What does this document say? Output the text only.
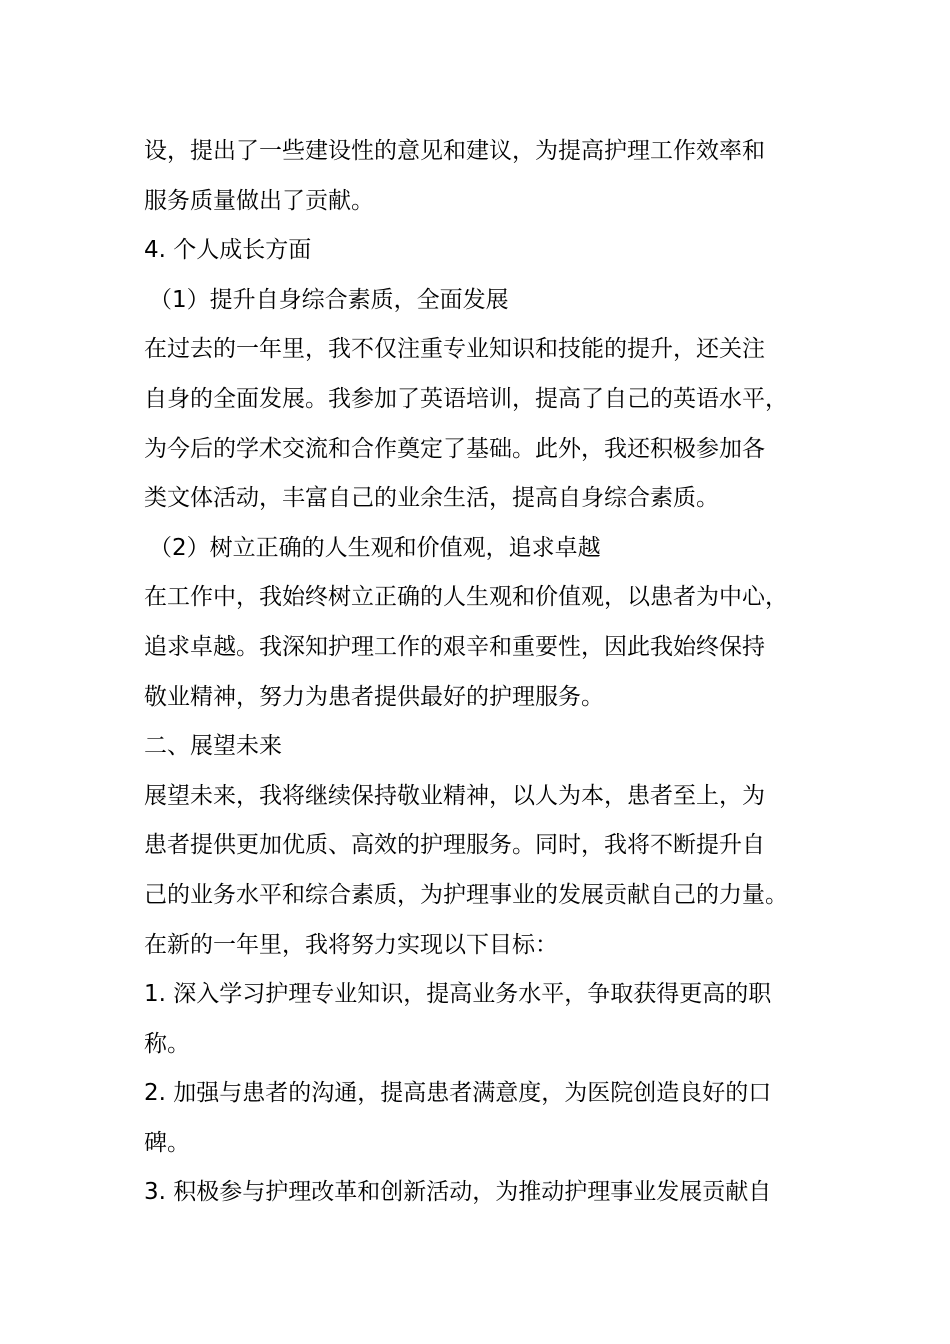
设，提出了一些建设性的意见和建议，为提高护理工作效率和
服务质量做出了贡献。
4. 个人成长方面
（1）提升自身综合素质，全面发展
在过去的一年里，我不仅注重专业知识和技能的提升，还关注
自身的全面发展。我参加了英语培训，提高了自己的英语水平，
为今后的学术交流和合作奠定了基础。此外，我还积极参加各
类文体活动，丰富自己的业余生活，提高自身综合素质。
（2）树立正确的人生观和价值观，追求卓越
在工作中，我始终树立正确的人生观和价值观，以患者为中心，
追求卓越。我深知护理工作的艰辛和重要性，因此我始终保持
敬业精神，努力为患者提供最好的护理服务。
二、展望未来
展望未来，我将继续保持敬业精神，以人为本，患者至上，为
患者提供更加优质、高效的护理服务。同时，我将不断提升自
己的业务水平和综合素质，为护理事业的发展贡献自己的力量。
在新的一年里，我将努力实现以下目标：
1. 深入学习护理专业知识，提高业务水平，争取获得更高的职
称。
2. 加强与患者的沟通，提高患者满意度，为医院创造良好的口
碑。
3. 积极参与护理改革和创新活动，为推动护理事业发展贡献自
